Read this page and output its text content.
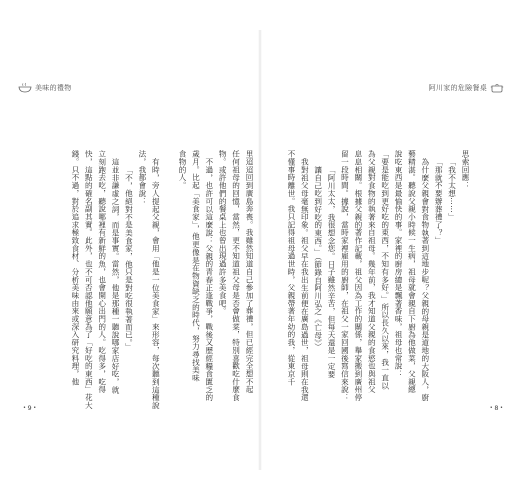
美味的禮物	阿川家的危險餐桌
思索回應：
「我不太想⋯⋯」
「那就不要辦葬禮了？」
為什麼父親會對食物執著到這地步呢？父親的母親是道地的大阪人，廚
藝精湛。聽說父親小時候一生病，祖母就會親自下廚為他做菜，父親總
說吃東西是最愉快的事。家裡的廚房總是飄著香味，祖母也常說：
「要是能吃到更好吃的東西，不知有多好。」所以長久以來，我一直以
為父親對食物的執著來自祖母。幾年前，我才知道父親的食慾也與祖父
息息相關。根據父親的著作記載，祖父因為工作的關係，舉家搬到廣州停
留一段時間。據說，當時家裡雇用的廚師，在祖父一家回國後寫信來說：
「阿川太太，我很想念您。日子雖然辛苦，但每天還是一定要
讓自己吃到好吃的東西。」（節錄自阿川弘之《亡母》）
我對祖父母毫無印象。祖父早在我出生前便在廣島過世，祖母則在我還
不懂事時離世。我只記得祖母過世時，父親帶著年幼的我，從東京千
里迢迢回到廣島奔喪。我雖然知道自己參加了葬禮，但已經完全想不起
任何祖母的回憶，當然，更不知道祖父母是否會做菜，特別喜歡吃什麼食
物。或許他們的餐桌上也曾出現過許多美食吧。
不過，也許可以這麼說：父親的青春正逢戰爭，戰後又歷經糧食匱乏的
歲月。比起「美食家」，他更像是在物資缺乏的時代，努力尋找美味
食物的人。
有時，旁人提起父親，會用「他是一位美食家」來形容，每次聽到這種說
法，我都會說：
「不，他絕對不是美食家，他只是對吃很執著而已。」
這並非謙虛之詞，而是事實。當然，他是那種一聽說哪家店好吃，就
立刻跑去吃，聽說哪裡有新鮮的魚，也會開心出門的人。吃得多，吃得
快，這點的確名副其實。此外，也不可否認他願意為了「好吃的東西」花大
錢。只不過，對於追求極致食材、分析美味由來或深入研究料理，他
• 9 •
•	8 •
